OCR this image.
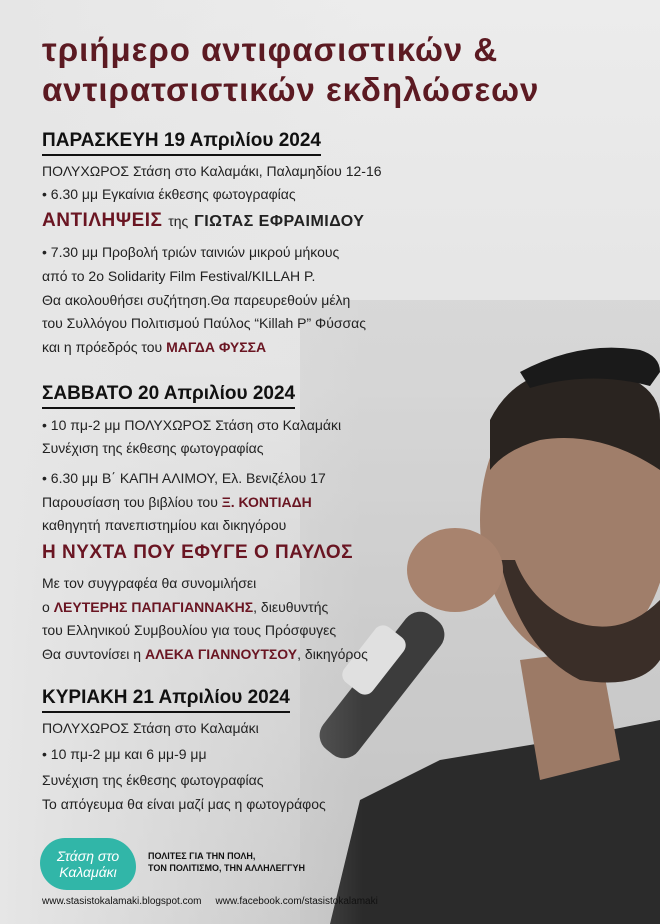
τριήμερο αντιφασιστικών &
αντιρατσιστικών εκδηλώσεων
ΠΑΡΑΣΚΕΥΗ 19 Απριλίου 2024
ΠΟΛΥΧΩΡΟΣ Στάση στο Καλαμάκι, Παλαμηδίου 12-16
• 6.30 μμ Εγκαίνια έκθεσης φωτογραφίας
ΑΝΤΙΛΗΨΕΙΣ της ΓΙΩΤΑΣ ΕΦΡΑΙΜΙΔΟΥ
• 7.30 μμ Προβολή τριών ταινιών μικρού μήκους
από το 2ο Solidarity Film Festival/KILLAH P.
Θα ακολουθήσει συζήτηση.Θα παρευρεθούν μέλη
του Συλλόγου Πολιτισμού Παύλος “Killah P” Φύσσας
και η πρόεδρός του ΜΑΓΔΑ ΦΥΣΣΑ
ΣΑΒΒΑΤΟ 20 Απριλίου 2024
• 10 πμ-2 μμ ΠΟΛΥΧΩΡΟΣ Στάση στο Καλαμάκι
Συνέχιση της έκθεσης φωτογραφίας
• 6.30 μμ Β΄ ΚΑΠΗ ΑΛΙΜΟΥ, Ελ. Βενιζέλου 17
Παρουσίαση του βιβλίου του Ξ. ΚΟΝΤΙΑΔΗ
καθηγητή πανεπιστημίου και δικηγόρου
Η ΝΥΧΤΑ ΠΟΥ ΕΦΥΓΕ Ο ΠΑΥΛΟΣ
Με τον συγγραφέα θα συνομιλήσει
ο ΛΕΥΤΕΡΗΣ ΠΑΠΑΓΙΑΝΝΑΚΗΣ, διευθυντής
του Ελληνικού Συμβουλίου για τους Πρόσφυγες
Θα συντονίσει η ΑΛΕΚΑ ΓΙΑΝΝΟΥΤΣΟΥ, δικηγόρος
ΚΥΡΙΑΚΗ 21 Απριλίου 2024
ΠΟΛΥΧΩΡΟΣ Στάση στο Καλαμάκι
• 10 πμ-2 μμ και 6 μμ-9 μμ
Συνέχιση της έκθεσης φωτογραφίας
Το απόγευμα θα είναι μαζί μας η φωτογράφος
Στάση στο Καλαμάκι
ΠΟΛΙΤΕΣ ΓΙΑ ΤΗΝ ΠΟΛΗ,
ΤΟΝ ΠΟΛΙΤΙΣΜΟ, ΤΗΝ ΑΛΛΗΛΕΓΓΥΗ
www.stasistokalamaki.blogspot.com www.facebook.com/stasistokalamaki
